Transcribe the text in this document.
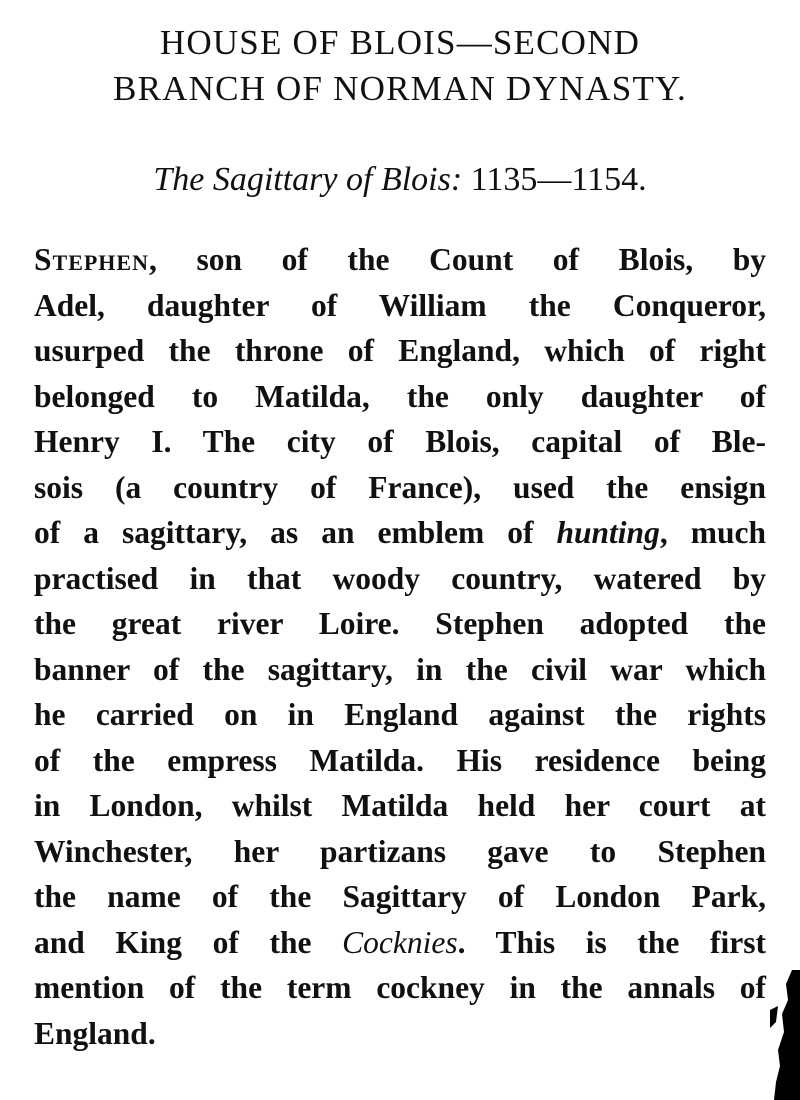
HOUSE OF BLOIS—SECOND
BRANCH OF NORMAN DYNASTY.
The Sagittary of Blois: 1135—1154.
Stephen, son of the Count of Blois, by
Adel, daughter of William the Conqueror,
usurped the throne of England, which of right
belonged to Matilda, the only daughter of
Henry I. The city of Blois, capital of Ble-
sois (a country of France), used the ensign
of a sagittary, as an emblem of hunting, much
practised in that woody country, watered by
the great river Loire. Stephen adopted the
banner of the sagittary, in the civil war which
he carried on in England against the rights
of the empress Matilda. His residence being
in London, whilst Matilda held her court at
Winchester, her partizans gave to Stephen
the name of the Sagittary of London Park,
and King of the Cocknies. This is the first
mention of the term cockney in the annals of
England.
